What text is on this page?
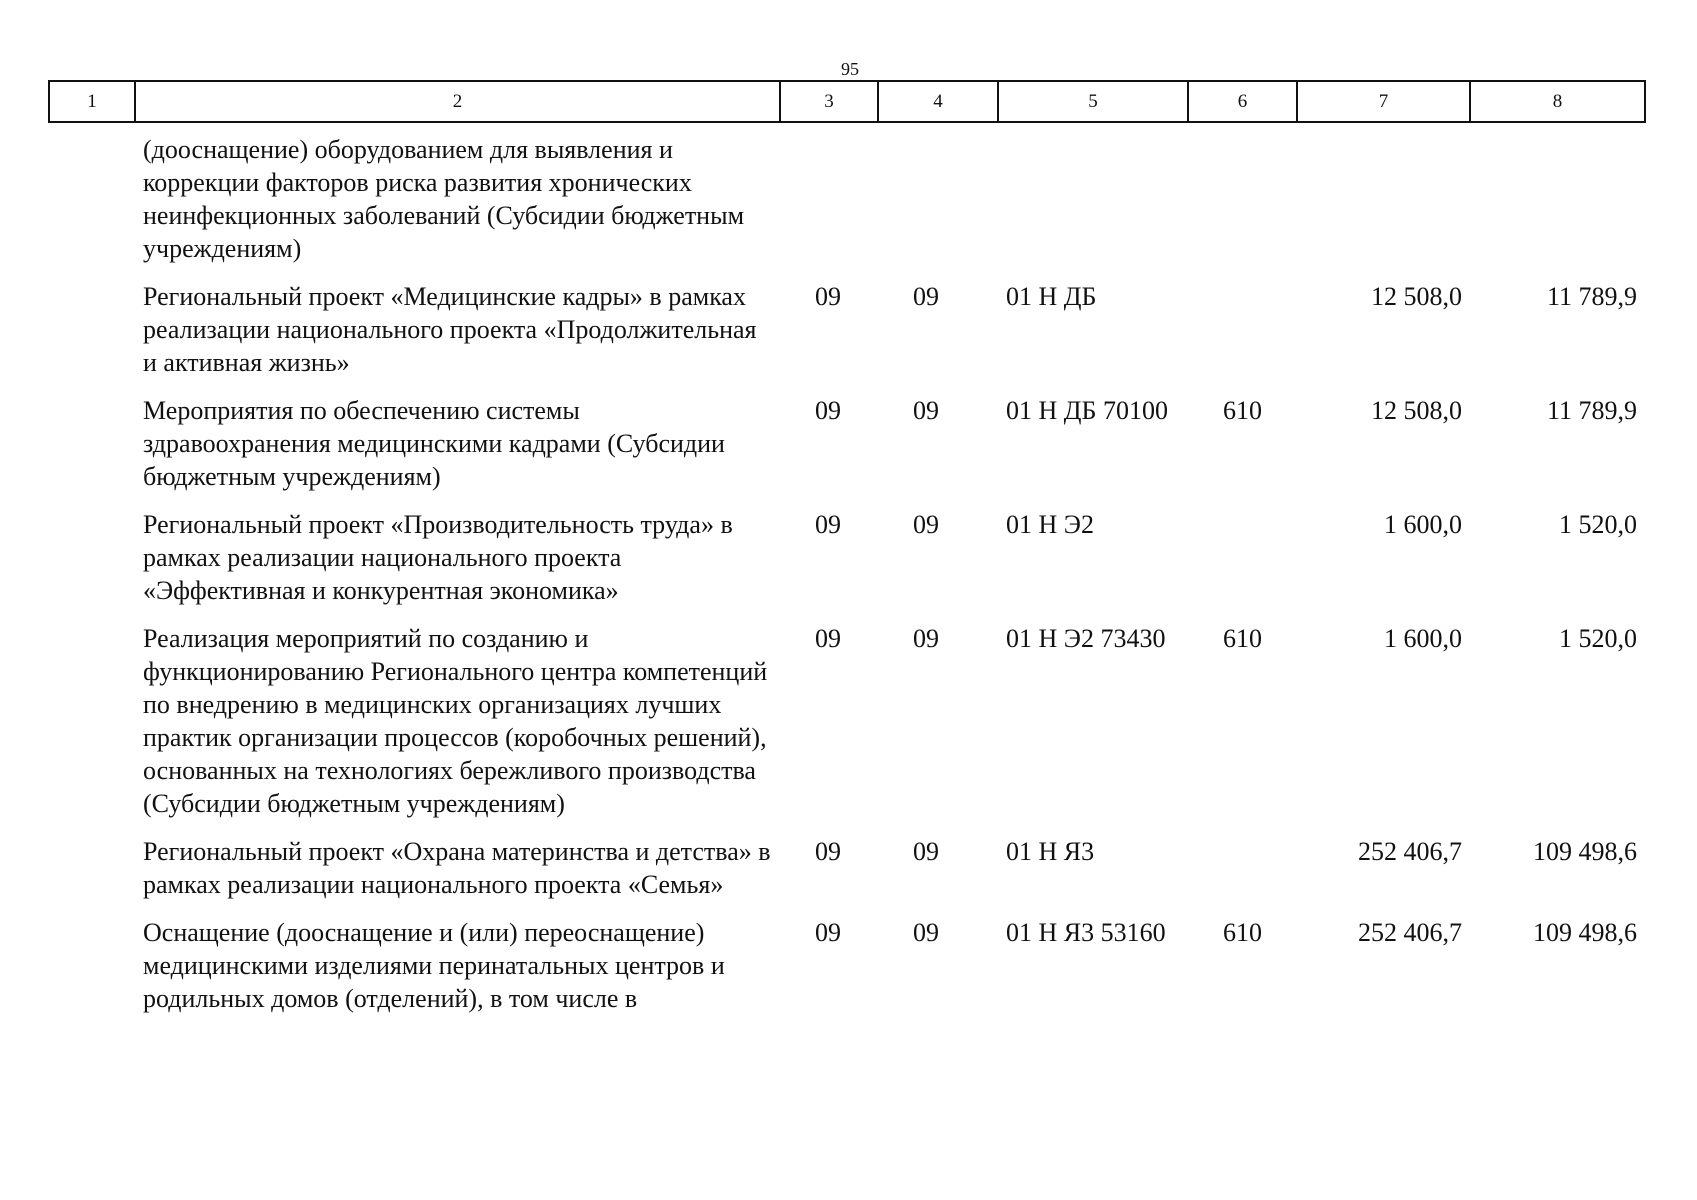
95
1	2	3	4	5	6	7	8
	(дооснащение) оборудованием для выявления и коррекции факторов риска развития хронических неинфекционных заболеваний (Субсидии бюджетным учреждениям)						
	Региональный проект «Медицинские кадры» в рамках реализации национального проекта «Продолжительная и активная жизнь»	09	09	01 Н ДБ		12 508,0	11 789,9
	Мероприятия по обеспечению системы здравоохранения медицинскими кадрами (Субсидии бюджетным учреждениям)	09	09	01 Н ДБ 70100	610	12 508,0	11 789,9
	Региональный проект «Производительность труда» в рамках реализации национального проекта «Эффективная и конкурентная экономика»	09	09	01 Н Э2		1 600,0	1 520,0
	Реализация мероприятий по созданию и функционированию Регионального центра компетенций по внедрению в медицинских организациях лучших практик организации процессов (коробочных решений), основанных на технологиях бережливого производства (Субсидии бюджетным учреждениям)	09	09	01 Н Э2 73430	610	1 600,0	1 520,0
	Региональный проект «Охрана материнства и детства» в рамках реализации национального проекта «Семья»	09	09	01 Н Я3		252 406,7	109 498,6
	Оснащение (дооснащение и (или) переоснащение) медицинскими изделиями перинатальных центров и родильных домов (отделений), в том числе в	09	09	01 Н Я3 53160	610	252 406,7	109 498,6
